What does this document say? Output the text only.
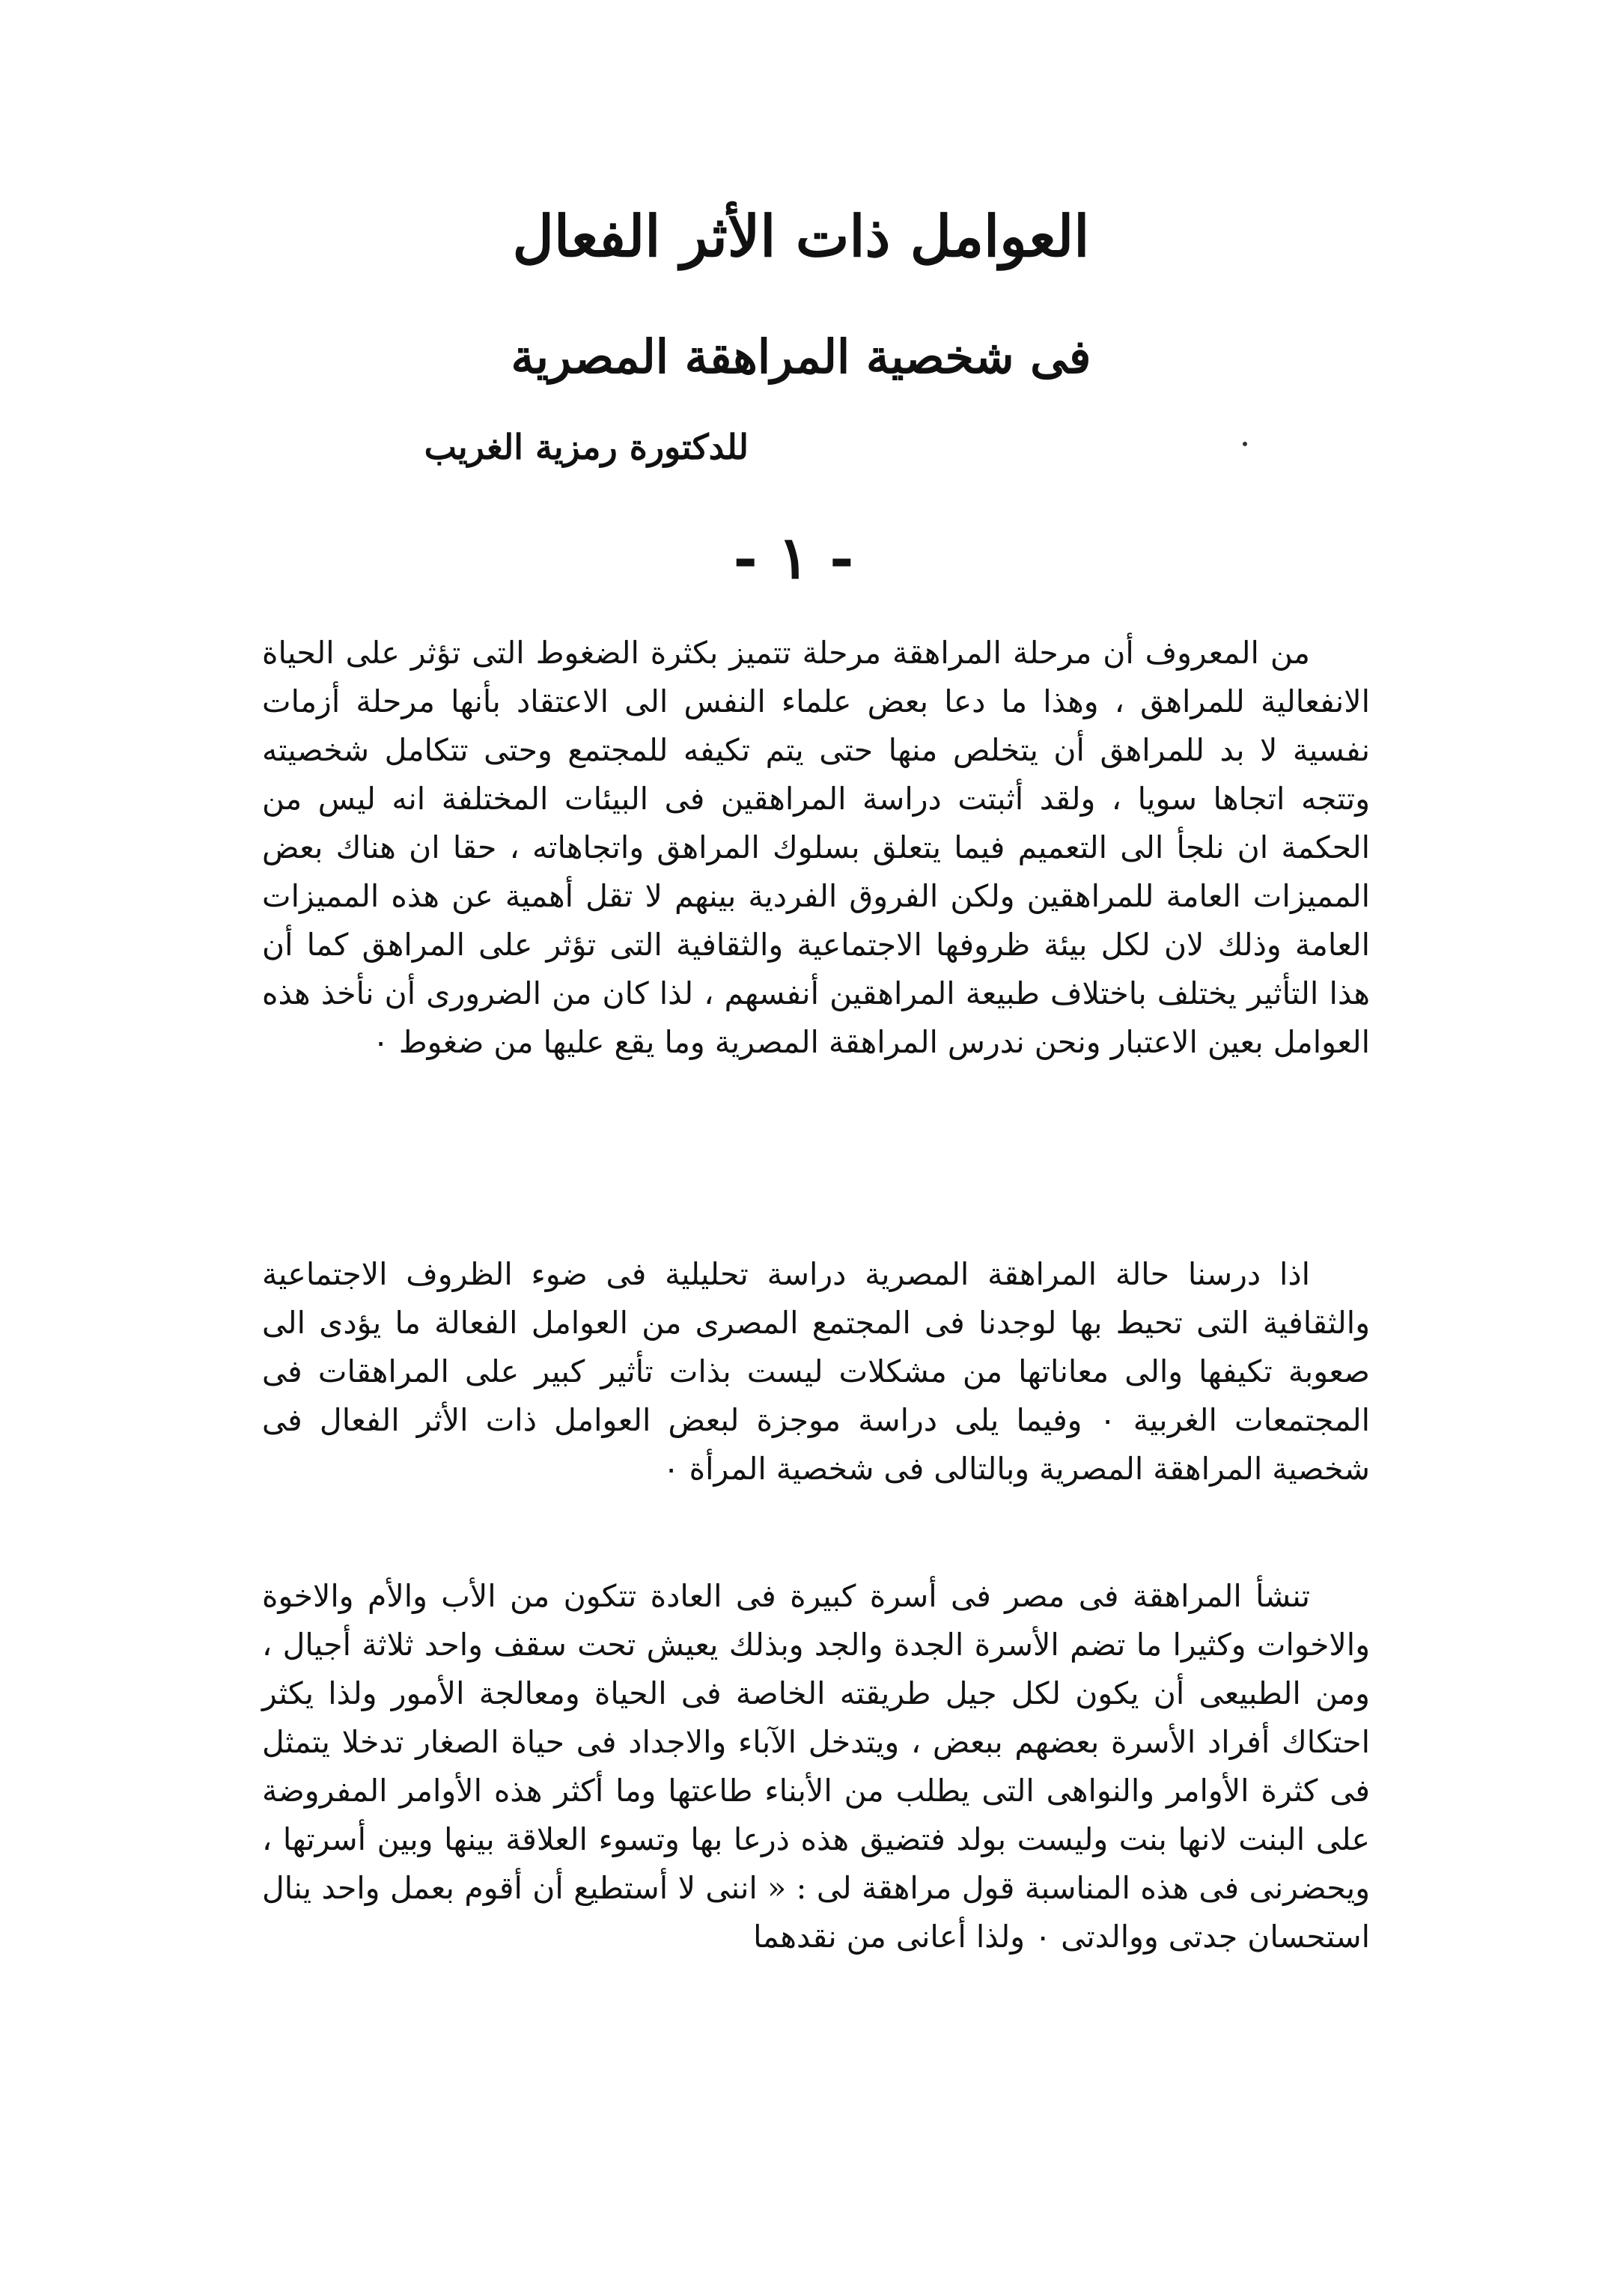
العوامل ذات الأثر الفعال
فى شخصية المراهقة المصرية

للدكتورة رمزية الغريب

- ١ -

من المعروف أن مرحلة المراهقة مرحلة تتميز بكثرة الضغوط التى تؤثر على الحياة الانفعالية للمراهق ، وهذا ما دعا بعض علماء النفس الى الاعتقاد بأنها مرحلة أزمات نفسية لا بد للمراهق أن يتخلص منها حتى يتم تكيفه للمجتمع وحتى تتكامل شخصيته وتتجه اتجاها سويا ، ولقد أثبتت دراسة المراهقين فى البيئات المختلفة انه ليس من الحكمة ان نلجأ الى التعميم فيما يتعلق بسلوك المراهق واتجاهاته ، حقا ان هناك بعض المميزات العامة للمراهقين ولكن الفروق الفردية بينهم لا تقل أهمية عن هذه المميزات العامة وذلك لان لكل بيئة ظروفها الاجتماعية والثقافية التى تؤثر على المراهق كما أن هذا التأثير يختلف باختلاف طبيعة المراهقين أنفسهم ، لذا كان من الضرورى أن نأخذ هذه العوامل بعين الاعتبار ونحن ندرس المراهقة المصرية وما يقع عليها من ضغوط ٠

اذا درسنا حالة المراهقة المصرية دراسة تحليلية فى ضوء الظروف الاجتماعية والثقافية التى تحيط بها لوجدنا فى المجتمع المصرى من العوامل الفعالة ما يؤدى الى صعوبة تكيفها والى معاناتها من مشكلات ليست بذات تأثير كبير على المراهقات فى المجتمعات الغربية ٠ وفيما يلى دراسة موجزة لبعض العوامل ذات الأثر الفعال فى شخصية المراهقة المصرية وبالتالى فى شخصية المرأة ٠

تنشأ المراهقة فى مصر فى أسرة كبيرة فى العادة تتكون من الأب والأم والاخوة والاخوات وكثيرا ما تضم الأسرة الجدة والجد وبذلك يعيش تحت سقف واحد ثلاثة أجيال ، ومن الطبيعى أن يكون لكل جيل طريقته الخاصة فى الحياة ومعالجة الأمور ولذا يكثر احتكاك أفراد الأسرة بعضهم ببعض ، ويتدخل الآباء والاجداد فى حياة الصغار تدخلا يتمثل فى كثرة الأوامر والنواهى التى يطلب من الأبناء طاعتها وما أكثر هذه الأوامر المفروضة على البنت لانها بنت وليست بولد فتضيق هذه ذرعا بها وتسوء العلاقة بينها وبين أسرتها ، ويحضرنى فى هذه المناسبة قول مراهقة لى : « اننى لا أستطيع أن أقوم بعمل واحد ينال استحسان جدتى ووالدتى ٠ ولذا أعانى من نقدهما
